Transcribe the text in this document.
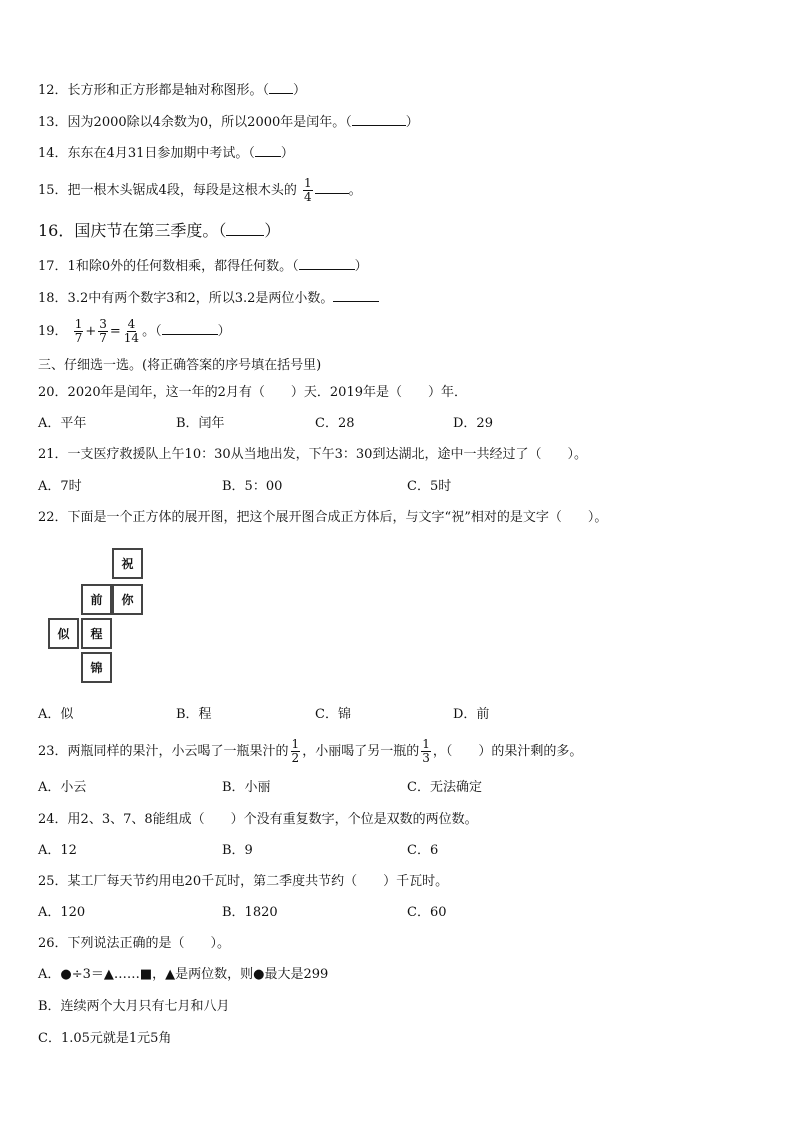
12．长方形和正方形都是轴对称图形。（ ）
13．因为2000除以4余数为0，所以2000年是闰年。（	）
14．东东在4月31日参加期中考试。（ ）
15．把一根木头锯成4段，每段是这根木头的 $\frac{1}{4}$	。
16．国庆节在第三季度。（ ）
17．1和除0外的任何数相乘，都得任何数。（	）
18．3.2中有两个数字3和2，所以3.2是两位小数。
19． $\frac{1}{7} + \frac{3}{7} = \frac{4}{14}$ 。（	）
三、仔细选一选。(将正确答案的序号填在括号里)
20．2020年是闰年，这一年的2月有（　　）天．2019年是（　　）年．
A．平年	B．闰年	C．28	D．29
21．一支医疗救援队上午10：30从当地出发，下午3：30到达湖北，途中一共经过了（　　）。
A．7时	B．5：00	C．5时
22．下面是一个正方体的展开图，把这个展开图合成正方体后，与文字“祝”相对的是文字（　　）。
祝
前	你
似	程
锦
A．似	B．程	C．锦	D．前
23．两瓶同样的果汁，小云喝了一瓶果汁的 $\frac{1}{2}$ ，小丽喝了另一瓶的 $\frac{1}{3}$ ，（　　）的果汁剩的多。
A．小云	B．小丽	C．无法确定
24．用2、3、7、8能组成（　　）个没有重复数字，个位是双数的两位数。
A．12	B．9	C．6
25．某工厂每天节约用电20千瓦时，第二季度共节约（　　）千瓦时。
A．120	B．1820	C．60
26．下列说法正确的是（　　）。
A．●÷3＝▲……■，▲是两位数，则●最大是299
B．连续两个大月只有七月和八月
C．1.05元就是1元5角
